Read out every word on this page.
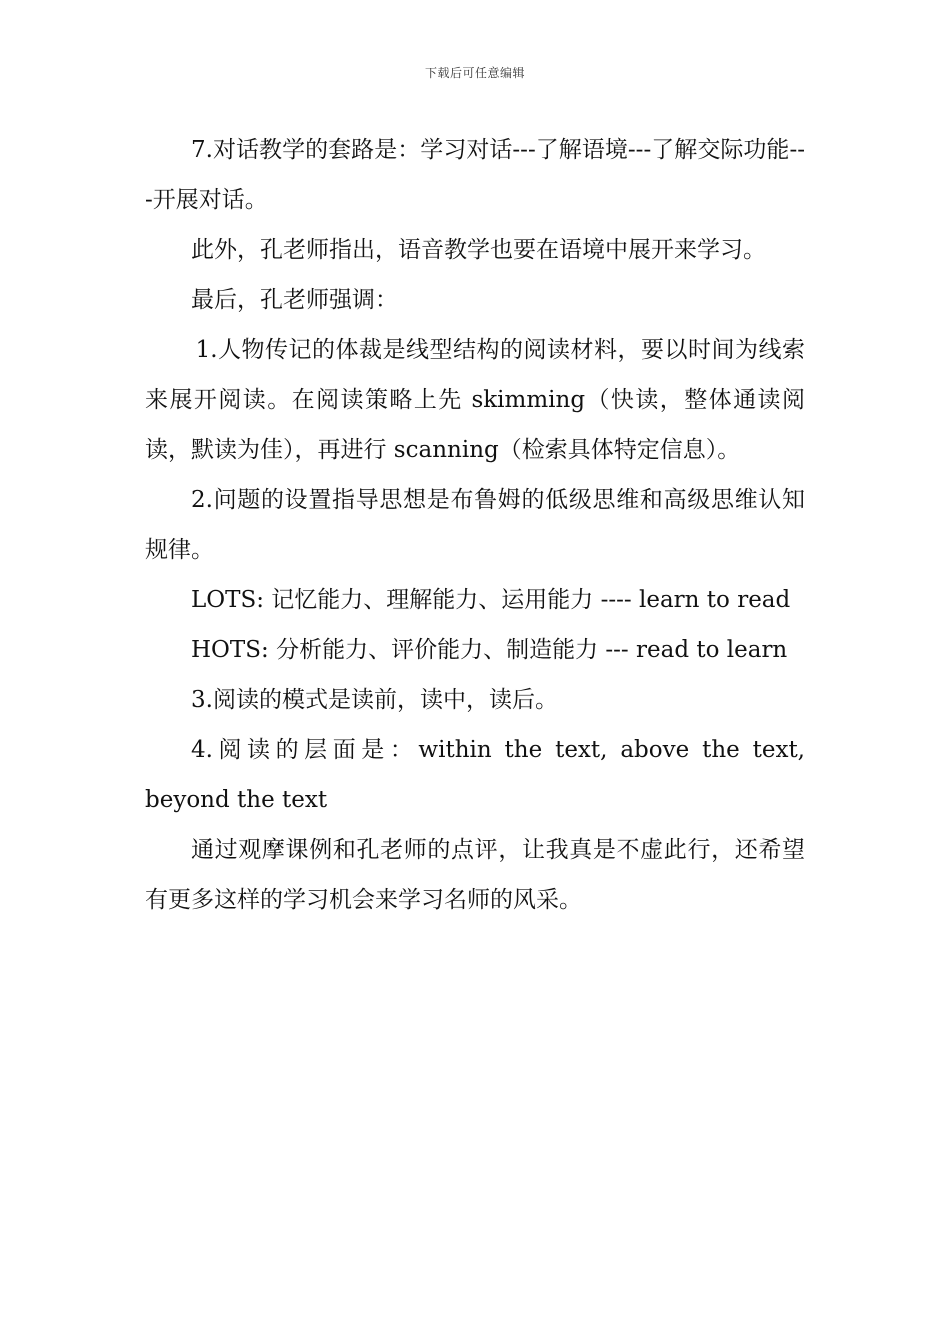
下载后可任意编辑

7.对话教学的套路是：学习对话---了解语境---了解交际功能---开展对话。

此外，孔老师指出，语音教学也要在语境中展开来学习。

最后，孔老师强调：

1.人物传记的体裁是线型结构的阅读材料，要以时间为线索来展开阅读。在阅读策略上先 skimming（快读，整体通读阅读，默读为佳），再进行 scanning（检索具体特定信息）。

2.问题的设置指导思想是布鲁姆的低级思维和高级思维认知规律。

LOTS: 记忆能力、理解能力、运用能力 ---- learn to read

HOTS: 分析能力、评价能力、制造能力 --- read to learn

3.阅读的模式是读前，读中，读后。

4.阅读的层面是：within the text, above the text, beyond the text

通过观摩课例和孔老师的点评，让我真是不虚此行，还希望有更多这样的学习机会来学习名师的风采。
